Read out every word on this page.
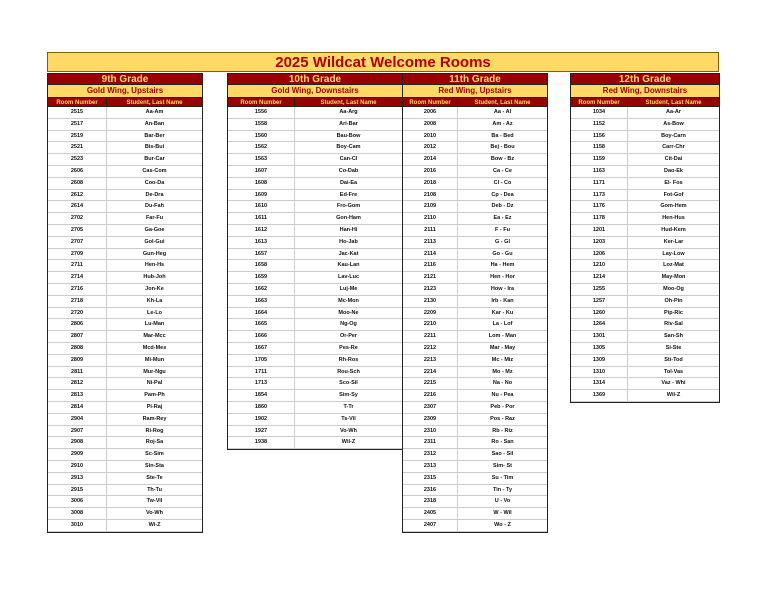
2025 Wildcat Welcome Rooms
9th Grade
Gold Wing, Upstairs
Room Number	Student, Last Name
2515	Aa-Am
2517	An-Ban
2519	Bar-Ber
2521	Bis-Bui
2523	Bur-Car
2606	Cas-Com
2608	Coo-Da
2612	De-Dra
2614	Du-Fah
2702	Far-Fu
2705	Ga-Goe
2707	Gol-Gui
2709	Gun-Heg
2711	Hen-Hs
2714	Hub-Joh
2716	Jon-Ke
2718	Kh-La
2720	Le-Lo
2806	Lu-Man
2807	Mar-Mcc
2808	Mcd-Mes
2809	Mi-Mun
2811	Mur-Ngu
2812	Ni-Pal
2813	Pam-Ph
2814	Pi-Raj
2904	Ram-Rey
2907	Ri-Rog
2908	Roj-Sa
2909	Sc-Sim
2910	Sin-Sta
2913	Ste-Te
2915	Th-Tu
3006	Tw-Vil
3008	Vo-Wh
3010	Wi-Z
10th Grade
Gold Wing, Downstairs
Room Number	Student, Last Name
1556	Aa-Arg
1558	Ari-Bar
1560	Bau-Bow
1562	Boy-Cam
1563	Can-Cl
1607	Co-Dab
1608	Dai-Ea
1609	Ed-Fre
1610	Fro-Gom
1611	Gon-Ham
1612	Han-Hi
1613	Ho-Jab
1657	Jac-Kat
1658	Kau-Lan
1659	Lav-Luc
1662	Luj-Me
1663	Mc-Mon
1664	Moo-Ne
1665	Ng-Og
1666	Or-Per
1667	Pes-Re
1705	Rh-Ros
1711	Rou-Sch
1713	Sco-Sil
1854	Sim-Sy
1860	T-Tr
1902	Ts-Vil
1927	Vo-Wh
1938	Wil-Z
11th Grade
Red Wing, Upstairs
Room Number	Student, Last Name
2006	Aa - Al
2008	Am - Az
2010	Ba - Bed
2012	Bej - Bou
2014	Bow - Bz
2016	Ca - Ce
2018	Cl - Co
2108	Cp - Dea
2109	Deb - Dz
2110	Ea - Ez
2111	F - Fu
2113	G - Gl
2114	Go - Gu
2116	Ha - Hem
2121	Hen - Hor
2123	How - Ira
2130	Irb - Kan
2209	Kar - Ku
2210	La - Lof
2211	Lom - Man
2212	Mar - May
2213	Mc - Miz
2214	Mo - Mz
2215	Na - No
2216	Nu - Pea
2307	Peb - Por
2309	Pos - Raz
2310	Rb - Riz
2311	Ro - San
2312	Sao - Sil
2313	Sim- St
2315	Su - Tim
2316	Tin - Ty
2318	U - Vo
2405	W - Wil
2407	Wo - Z
12th Grade
Red Wing, Downstairs
Room Number	Student, Last Name
1034	Aa-Ar
1152	As-Bow
1156	Boy-Carn
1158	Carr-Chr
1159	Cit-Dai
1163	Dao-Ek
1171	El- Fos
1173	Fot-Gof
1176	Gom-Hem
1178	Hen-Hus
1201	Hud-Kem
1203	Ker-Lar
1206	Lay-Low
1210	Loz-Mat
1214	May-Mon
1255	Moo-Og
1257	Oh-Pin
1260	Pip-Ric
1264	Riv-Sal
1301	San-Sh
1305	Si-Ste
1309	Sti-Tod
1310	Tol-Vas
1314	Vaz - Whi
1369	Wil-Z
